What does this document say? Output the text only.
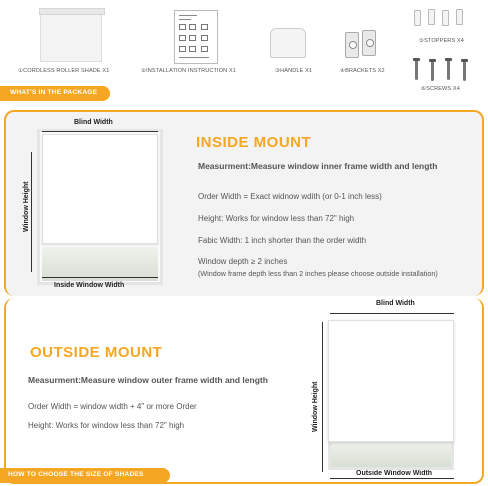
①CORDLESS ROLLER SHADE X1	②INSTALLATION INSTRUCTION X1	③HANDLE X1	④BRACKETS X2
⑤STOPPERS X4
⑥SCREWS X4
WHAT'S IN THE PACKAGE
Blind Width
Window Height
Inside Window Width
INSIDE MOUNT
Measurment:Measure window inner frame width and length
Order Width = Exact widnow wdith (or 0-1 inch less)
Height: Works for window less than 72" high
Fabic Width: 1 inch shorter than the order width
Window depth ≥ 2 inches
(Window frame depth less than 2 inches please choose outside installation)
OUTSIDE MOUNT
Measurment:Measure window outer frame width and length
Order Width = window width + 4" or more Order
Height: Works for window less than 72" high
Blind Width
Window Height
Outside Window Width
HOW TO CHOOSE THE SIZE OF SHADES
